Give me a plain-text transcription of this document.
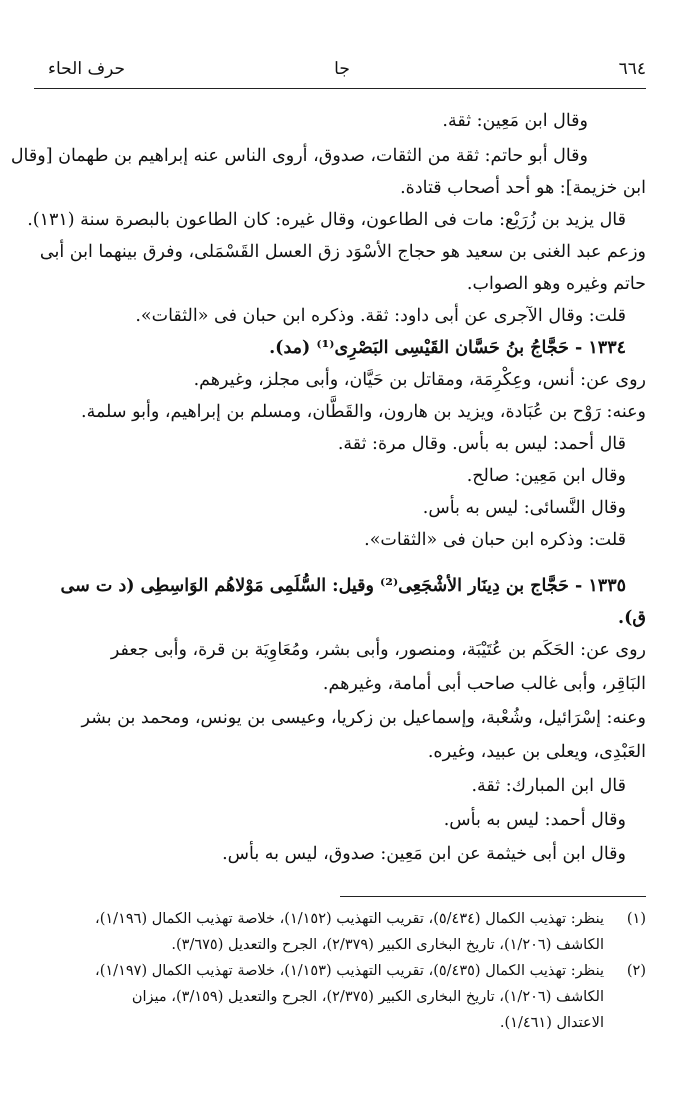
٦٦٤
جا
حرف الحاء
وقال ابن مَعِين: ثقة.
وقال أبو حاتم: ثقة من الثقات، صدوق، أروى الناس عنه إبراهيم بن طهمان [وقال
ابن خزيمة]: هو أحد أصحاب قتادة.
قال يزيد بن زُرَيْع: مات فى الطاعون، وقال غيره: كان الطاعون بالبصرة سنة (١٣١).
وزعم عبد الغنى بن سعيد هو حجاج الأسْوَد زق العسل القَسْمَلى، وفرق بينهما ابن أبى
حاتم وغيره وهو الصواب.
قلت: وقال الآجرى عن أبى داود: ثقة. وذكره ابن حبان فى «الثقات».
١٣٣٤ - حَجَّاجُ بنُ حَسَّان القَيْسِى البَصْرِى⁽¹⁾ (مد).
روى عن: أنس، وعِكْرِمَة، ومقاتل بن حَيَّان، وأبى مجلز، وغيرهم.
وعنه: رَوْح بن عُبَادة، ويزيد بن هارون، والقَطَّان، ومسلم بن إبراهيم، وأبو سلمة.
قال أحمد: ليس به بأس. وقال مرة: ثقة.
وقال ابن مَعِين: صالح.
وقال النَّسائى: ليس به بأس.
قلت: وذكره ابن حبان فى «الثقات».
١٣٣٥ - حَجَّاج بن دِينَار الأشْجَعِى⁽²⁾ وقيل: السُّلَمِى مَوْلاهُم الوَاسِطِى (د ت سى
ق).
روى عن: الحَكَم بن عُتَيْبَة، ومنصور، وأبى بشر، ومُعَاوِيَة بن قرة، وأبى جعفر
البَاقِر، وأبى غالب صاحب أبى أمامة، وغيرهم.
وعنه: إسْرَائيل، وشُعْبة، وإسماعيل بن زكريا، وعيسى بن يونس، ومحمد بن بشر
العَبْدِى، ويعلى بن عبيد، وغيره.
قال ابن المبارك: ثقة.
وقال أحمد: ليس به بأس.
وقال ابن أبى خيثمة عن ابن مَعِين: صدوق، ليس به بأس.
(١)
ينظر: تهذيب الكمال (٥/٤٣٤)، تقريب التهذيب (١/١٥٢)، خلاصة تهذيب الكمال (١/١٩٦)،
الكاشف (١/٢٠٦)، تاريخ البخارى الكبير (٢/٣٧٩)، الجرح والتعديل (٣/٦٧٥).
(٢)
ينظر: تهذيب الكمال (٥/٤٣٥)، تقريب التهذيب (١/١٥٣)، خلاصة تهذيب الكمال (١/١٩٧)،
الكاشف (١/٢٠٦)، تاريخ البخارى الكبير (٢/٣٧٥)، الجرح والتعديل (٣/١٥٩)، ميزان
الاعتدال (١/٤٦١).
